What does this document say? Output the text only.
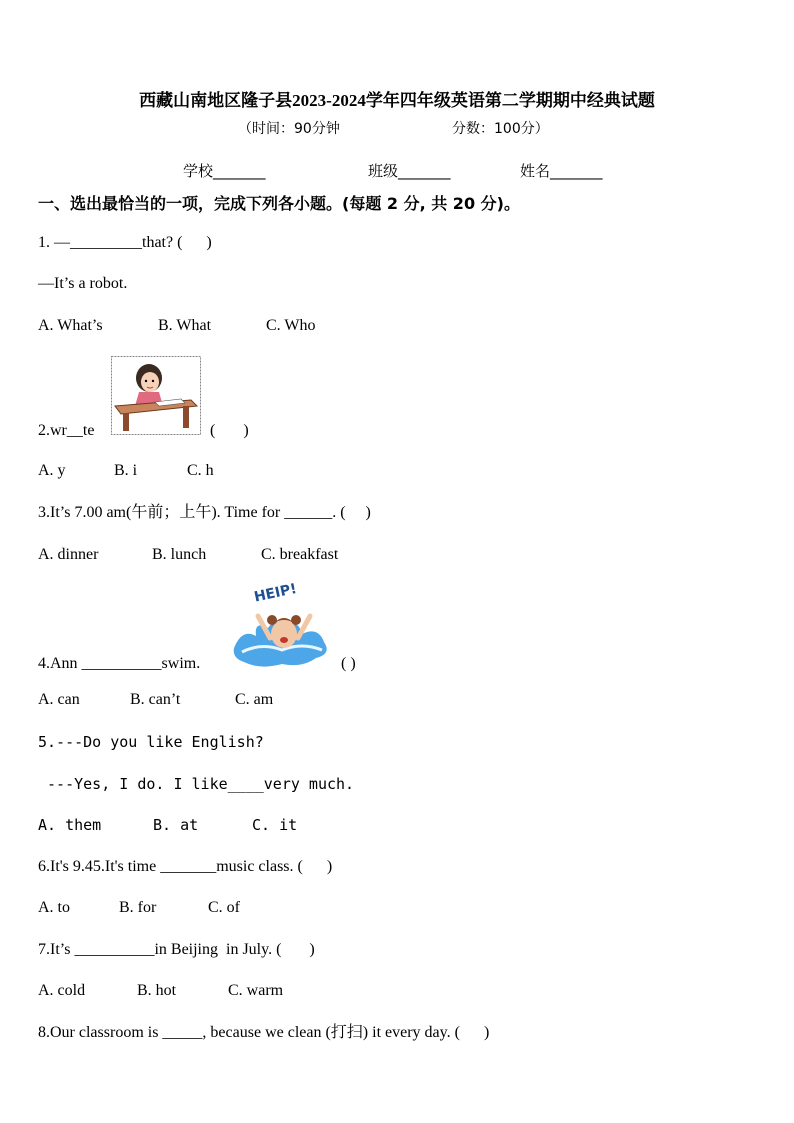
西藏山南地区隆子县2023-2024学年四年级英语第二学期期中经典试题
（时间：90分钟	分数：100分）
学校_______	班级_______	姓名_______
一、选出最恰当的一项，完成下列各小题。(每题 2 分, 共 20 分)。
1. —_________that? (      )
—It’s a robot.
A. What’s	B. What	C. Who
2.wr__te	(       )
A. y	B. i	C. h
3.It’s 7.00 am(午前；上午). Time for ______. (     )
A. dinner	B. lunch	C. breakfast
HEIP!
4.Ann __________swim.	( )
A. can	B. can’t	C. am
5.---Do you like English?
---Yes, I do. I like____very much.
A. them	B. at	C. it
6.It's 9.45.It's time _______music class. (      )
A. to	B. for	C. of
7.It’s __________in Beijing  in July. (       )
A. cold	B. hot	C. warm
8.Our classroom is _____, because we clean (打扫) it every day. (      )
